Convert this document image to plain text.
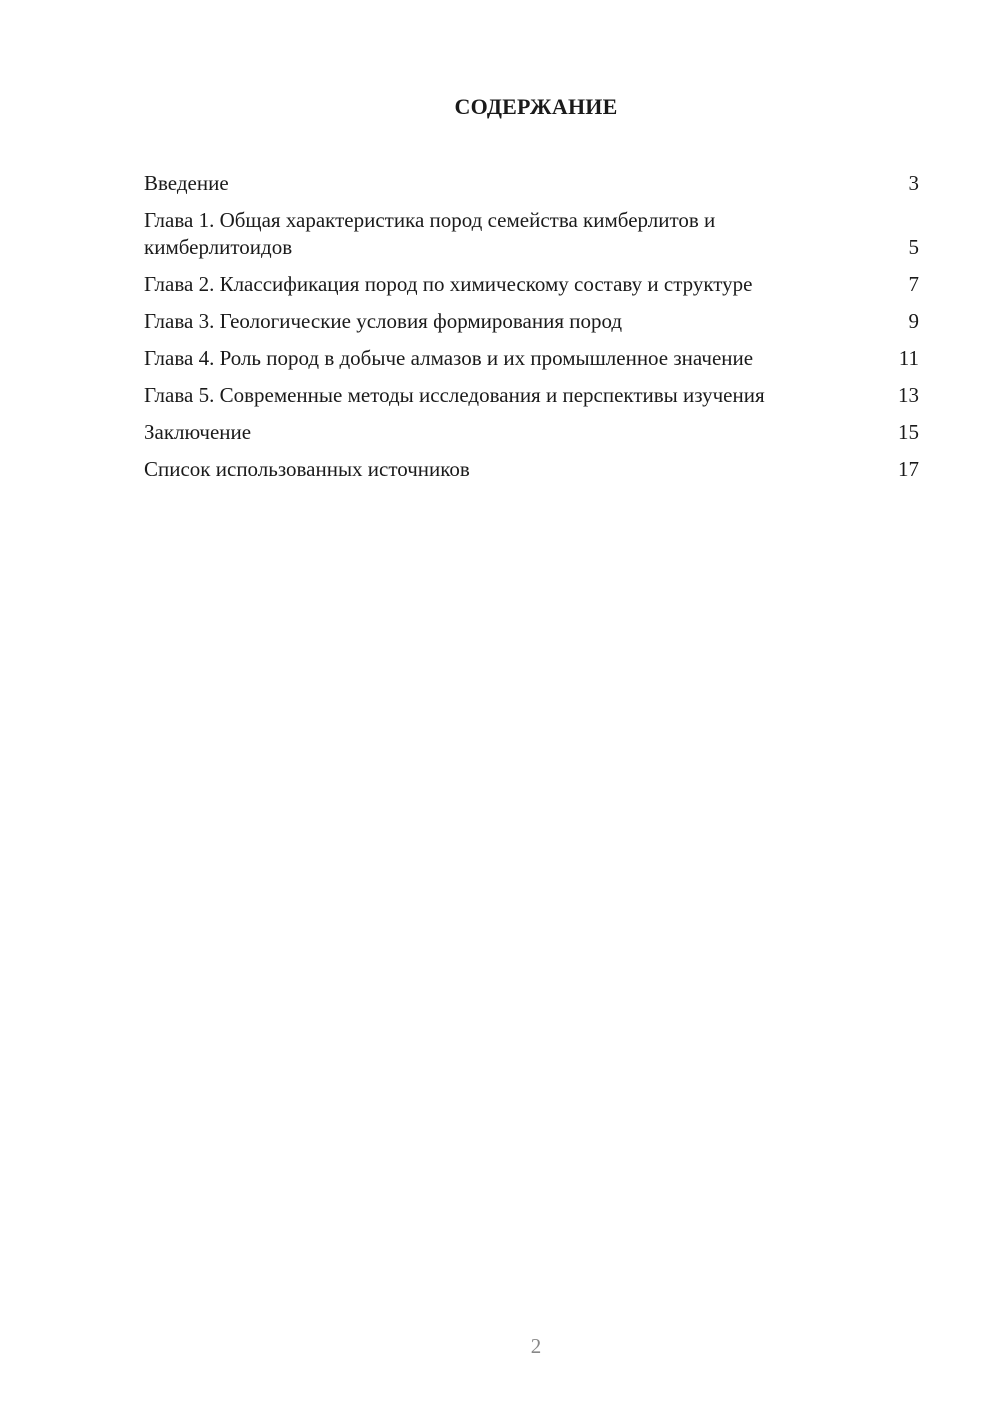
СОДЕРЖАНИЕ
Введение	3
Глава 1. Общая характеристика пород семейства кимберлитов и кимберлитоидов	5
Глава 2. Классификация пород по химическому составу и структуре	7
Глава 3. Геологические условия формирования пород	9
Глава 4. Роль пород в добыче алмазов и их промышленное значение	11
Глава 5. Современные методы исследования и перспективы изучения	13
Заключение	15
Список использованных источников	17
2
